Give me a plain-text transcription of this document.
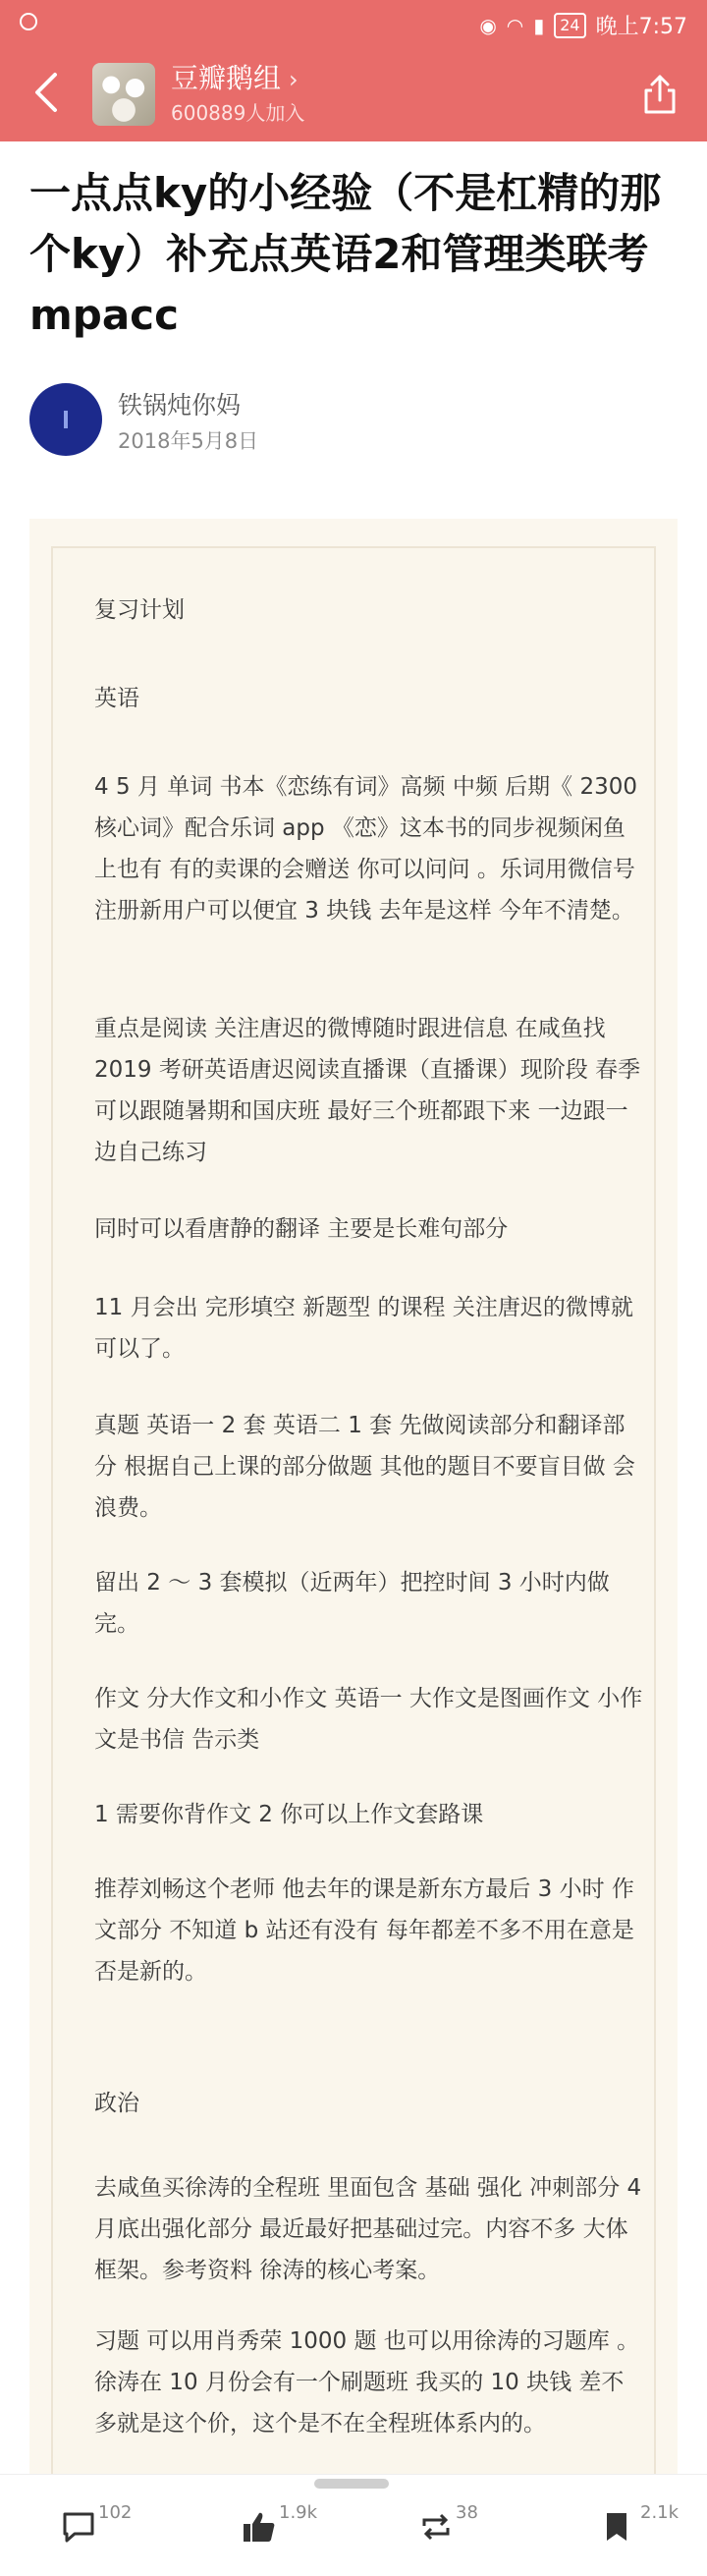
◉ ◠ ▮	24 晚上7:57
豆瓣鹅组 ›
600889人加入
一点点ky的小经验（不是杠精的那个ky）补充点英语2和管理类联考 mpacc
铁锅炖你妈
2018年5月8日

复习计划

英语

4 5 月 单词 书本《恋练有词》高频 中频 后期《 2300 核心词》配合乐词 app 《恋》这本书的同步视频闲鱼上也有 有的卖课的会赠送 你可以问问 。乐词用微信号注册新用户可以便宜 3 块钱 去年是这样 今年不清楚。

重点是阅读 关注唐迟的微博随时跟进信息 在咸鱼找 2019 考研英语唐迟阅读直播课（直播课）现阶段 春季 可以跟随暑期和国庆班 最好三个班都跟下来 一边跟一边自己练习

同时可以看唐静的翻译 主要是长难句部分

11 月会出 完形填空 新题型 的课程 关注唐迟的微博就可以了。

真题 英语一 2 套 英语二 1 套 先做阅读部分和翻译部分 根据自己上课的部分做题 其他的题目不要盲目做 会浪费。

留出 2 ～ 3 套模拟（近两年）把控时间 3 小时内做完。

作文 分大作文和小作文 英语一 大作文是图画作文 小作文是书信 告示类

1 需要你背作文 2 你可以上作文套路课

推荐刘畅这个老师 他去年的课是新东方最后 3 小时 作文部分 不知道 b 站还有没有 每年都差不多不用在意是否是新的。

政治

去咸鱼买徐涛的全程班 里面包含 基础 强化 冲刺部分 4 月底出强化部分 最近最好把基础过完。内容不多 大体框架。参考资料 徐涛的核心考案。

习题 可以用肖秀荣 1000 题 也可以用徐涛的习题库 。徐涛在 10 月份会有一个刷题班 我买的 10 块钱 差不多就是这个价，这个是不在全程班体系内的。

102	1.9k	38	2.1k
